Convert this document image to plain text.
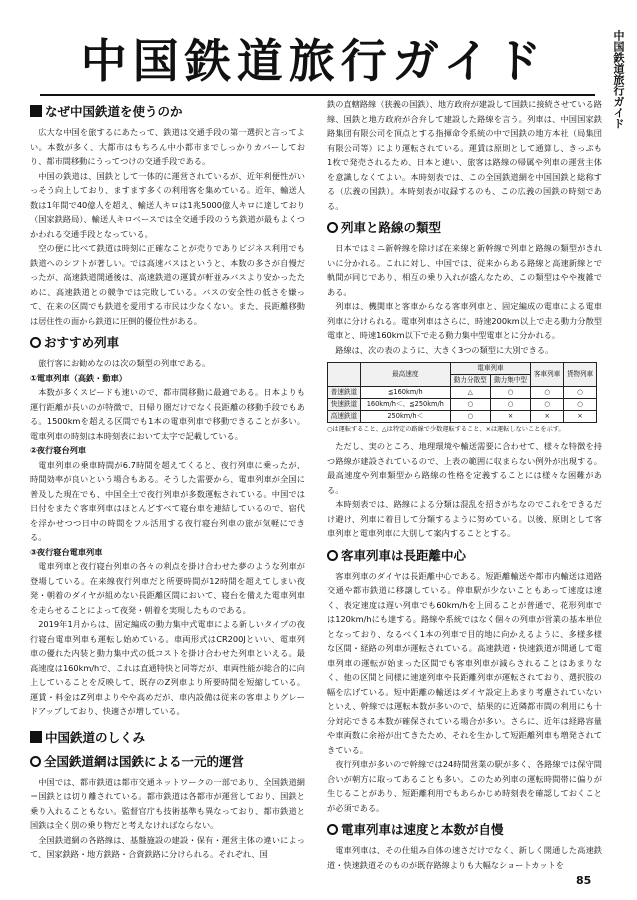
中国鉄道旅行ガイド	中国鉄道旅行ガイド
なぜ中国鉄道を使うのか

広大な中国を旅するにあたって、鉄道は交通手段の第一選択と言ってよい。本数が多く、大都市はもちろん中小都市までしっかりカバーしており、都市間移動にうってつけの交通手段である。

中国の鉄道は、国鉄として一体的に運営されているが、近年利便性がいっそう向上しており、ますます多くの利用客を集めている。近年、輸送人数は1年間で40億人を超え、輸送人キロは1兆5000億人キロに達しており（国家鉄路局）、輸送人キロベースでは全交通手段のうち鉄道が最もよくつかわれる交通手段となっている。

空の便に比べて鉄道は時刻に正確なことが売りでありビジネス利用でも鉄道へのシフトが著しい。では高速バスはというと、本数の多さが自慢だったが、高速鉄道開通後は、高速鉄道の運賃が軒並みバスより安かったために、高速鉄道との競争では完敗している。バスの安全性の低さを嫌って、在来の区間でも鉄道を愛用する市民は少なくない。また、長距離移動は居住性の面から鉄道に圧倒的優位性がある。

おすすめ列車

旅行客にお勧めなのは次の類型の列車である。

①電車列車（高鉄・動車）

本数が多くスピードも速いので、都市間移動に最適である。日本よりも運行距離が長いのが特徴で、日帰り圏だけでなく長距離の移動手段でもある。1500kmを超える区間でも1本の電車列車で移動できることが多い。電車列車の時刻は本時刻表において太字で記載している。

②夜行寝台列車

電車列車の乗車時間が6.7時間を超えてくると、夜行列車に乗ったが、時間効率が良いという場合もある。そうした需要から、電車列車が全国に普及した現在でも、中国全土で夜行列車が多数運転されている。中国では日付をまたぐ客車列車はほとんどすべて寝台車を連結しているので、宿代を浮かせつつ日中の時間をフル活用する夜行寝台列車の旅が気軽にできる。

③夜行寝台電車列車

電車列車と夜行寝台列車の各々の利点を掛け合わせた夢のような列車が登場している。在来線夜行列車だと所要時間が12時間を超えてしまい夜発・朝着のダイヤが組めない長距離区間において、寝台を備えた電車列車を走らせることによって夜発・朝着を実現したものである。

2019年1月からは、固定編成の動力集中式電車による新しいタイプの夜行寝台電車列車も運転し始めている。車両形式はCR200Jといい、電車列車の優れた内装と動力集中式の低コストを掛け合わせた列車といえる。最高速度は160km/hで、これは直通特快と同等だが、車両性能が総合的に向上していることを反映して、既存のZ列車より所要時間を短縮している。運賃・料金はZ列車よりやや高めだが、車内設備は従来の客車よりグレードアップしており、快適さが増している。

中国鉄道のしくみ
全国鉄道網は国鉄による一元的運営

中国では、都市鉄道は都市交通ネットワークの一部であり、全国鉄道網＝国鉄とは切り離されている。都市鉄道は各都市が運営しており、国鉄と乗り入れることもない。監督官庁も技術基準も異なっており、都市鉄道と国鉄は全く別の乗り物だと考えなければならない。

全国鉄道網の各路線は、基盤施設の建設・保有・運営主体の違いによって、国家鉄路・地方鉄路・合資鉄路に分けられる。それぞれ、国

鉄の直轄路線（狭義の国鉄）、地方政府が建設して国鉄に接続させている路線、国鉄と地方政府が合弁して建設した路線を言う。列車は、中国国家鉄路集団有限公司を頂点とする指揮命令系統の中で国鉄の地方本社（局集団有限公司等）により運転されている。運賃は原則として通算し、きっぷも1枚で発売されるため、日本と違い、旅客は路線の帰属や列車の運営主体を意識しなくてよい。本時刻表では、この全国鉄道網を中国国鉄と総称する（広義の国鉄）。本時刻表が収録するのも、この広義の国鉄の時刻である。

列車と路線の類型

日本ではミニ新幹線を除けば在来線と新幹線で列車と路線の類型がきれいに分かれる。これに対し、中国では、従来からある路線と高速新線とで軌間が同じであり、相互の乗り入れが盛んなため、この類型はやや複雑である。

列車は、機関車と客車からなる客車列車と、固定編成の電車による電車列車に分けられる。電車列車はさらに、時速200km以上で走る動力分散型電車と、時速160km以下で走る動力集中型電車とに分かれる。

路線は、次の表のように、大きく3つの類型に大別できる。

	最高速度	電車列車		客車列車	貨物列車
		動力分散型	動力集中型		
普速鉄道	≦160km/h	△	○	○	○
快速鉄道	160km/h＜、≦250km/h	○	○	○	○
高速鉄道	250km/h＜	○	×	×	×
○は運転すること、△は特定の路線で少数運転すること、×は運転しないことを示す。

ただし、実のところ、地理環境や輸送需要に合わせて、様々な特徴を持つ路線が建設されているので、上表の範囲に収まらない例外が出現する。最高速度や列車類型から路線の性格を定義することには様々な困難がある。

本時刻表では、路線による分類は混乱を招きがちなのでこれをできるだけ避け、列車に着目して分類するように努めている。以後、原則として客車列車と電車列車に大別して案内することとする。

客車列車は長距離中心

客車列車のダイヤは長距離中心である。短距離輸送や都市内輸送は道路交通や都市鉄道に移譲している。停車駅が少ないこともあって速度は速く、表定速度は遅い列車でも60km/hを上回ることが普通で、花形列車では120km/hにも達する。路線や系統ではなく個々の列車が営業の基本単位となっており、なるべく1本の列車で目的地に向かえるように、多様多様な区間・経路の列車が運転されている。高速鉄道・快速鉄道が開通して電車列車の運転が始まった区間でも客車列車が減らされることはあまりなく、他の区間と同様に速達列車や長距離列車が運転されており、選択肢の幅を広げている。短中距離の輸送はダイヤ設定上あまり考慮されていないといえ、幹線では運転本数が多いので、結果的に近隣都市間の利用にも十分対応できる本数が確保されている場合が多い。さらに、近年は経路容量や車両数に余裕が出てきたため、それを生かして短距離列車も増発されてきている。

夜行列車が多いので幹線では24時間営業の駅が多く、各路線では保守間合いが朝方に取ってあることも多い。このため列車の運転時間帯に偏りが生じることがあり、短距離利用でもあらかじめ時刻表を確認しておくことが必須である。

電車列車は速度と本数が自慢

電車列車は、その仕組み自体の速さだけでなく、新しく開通した高速鉄道・快速鉄道そのものが既存路線よりも大幅なショートカットを

85
